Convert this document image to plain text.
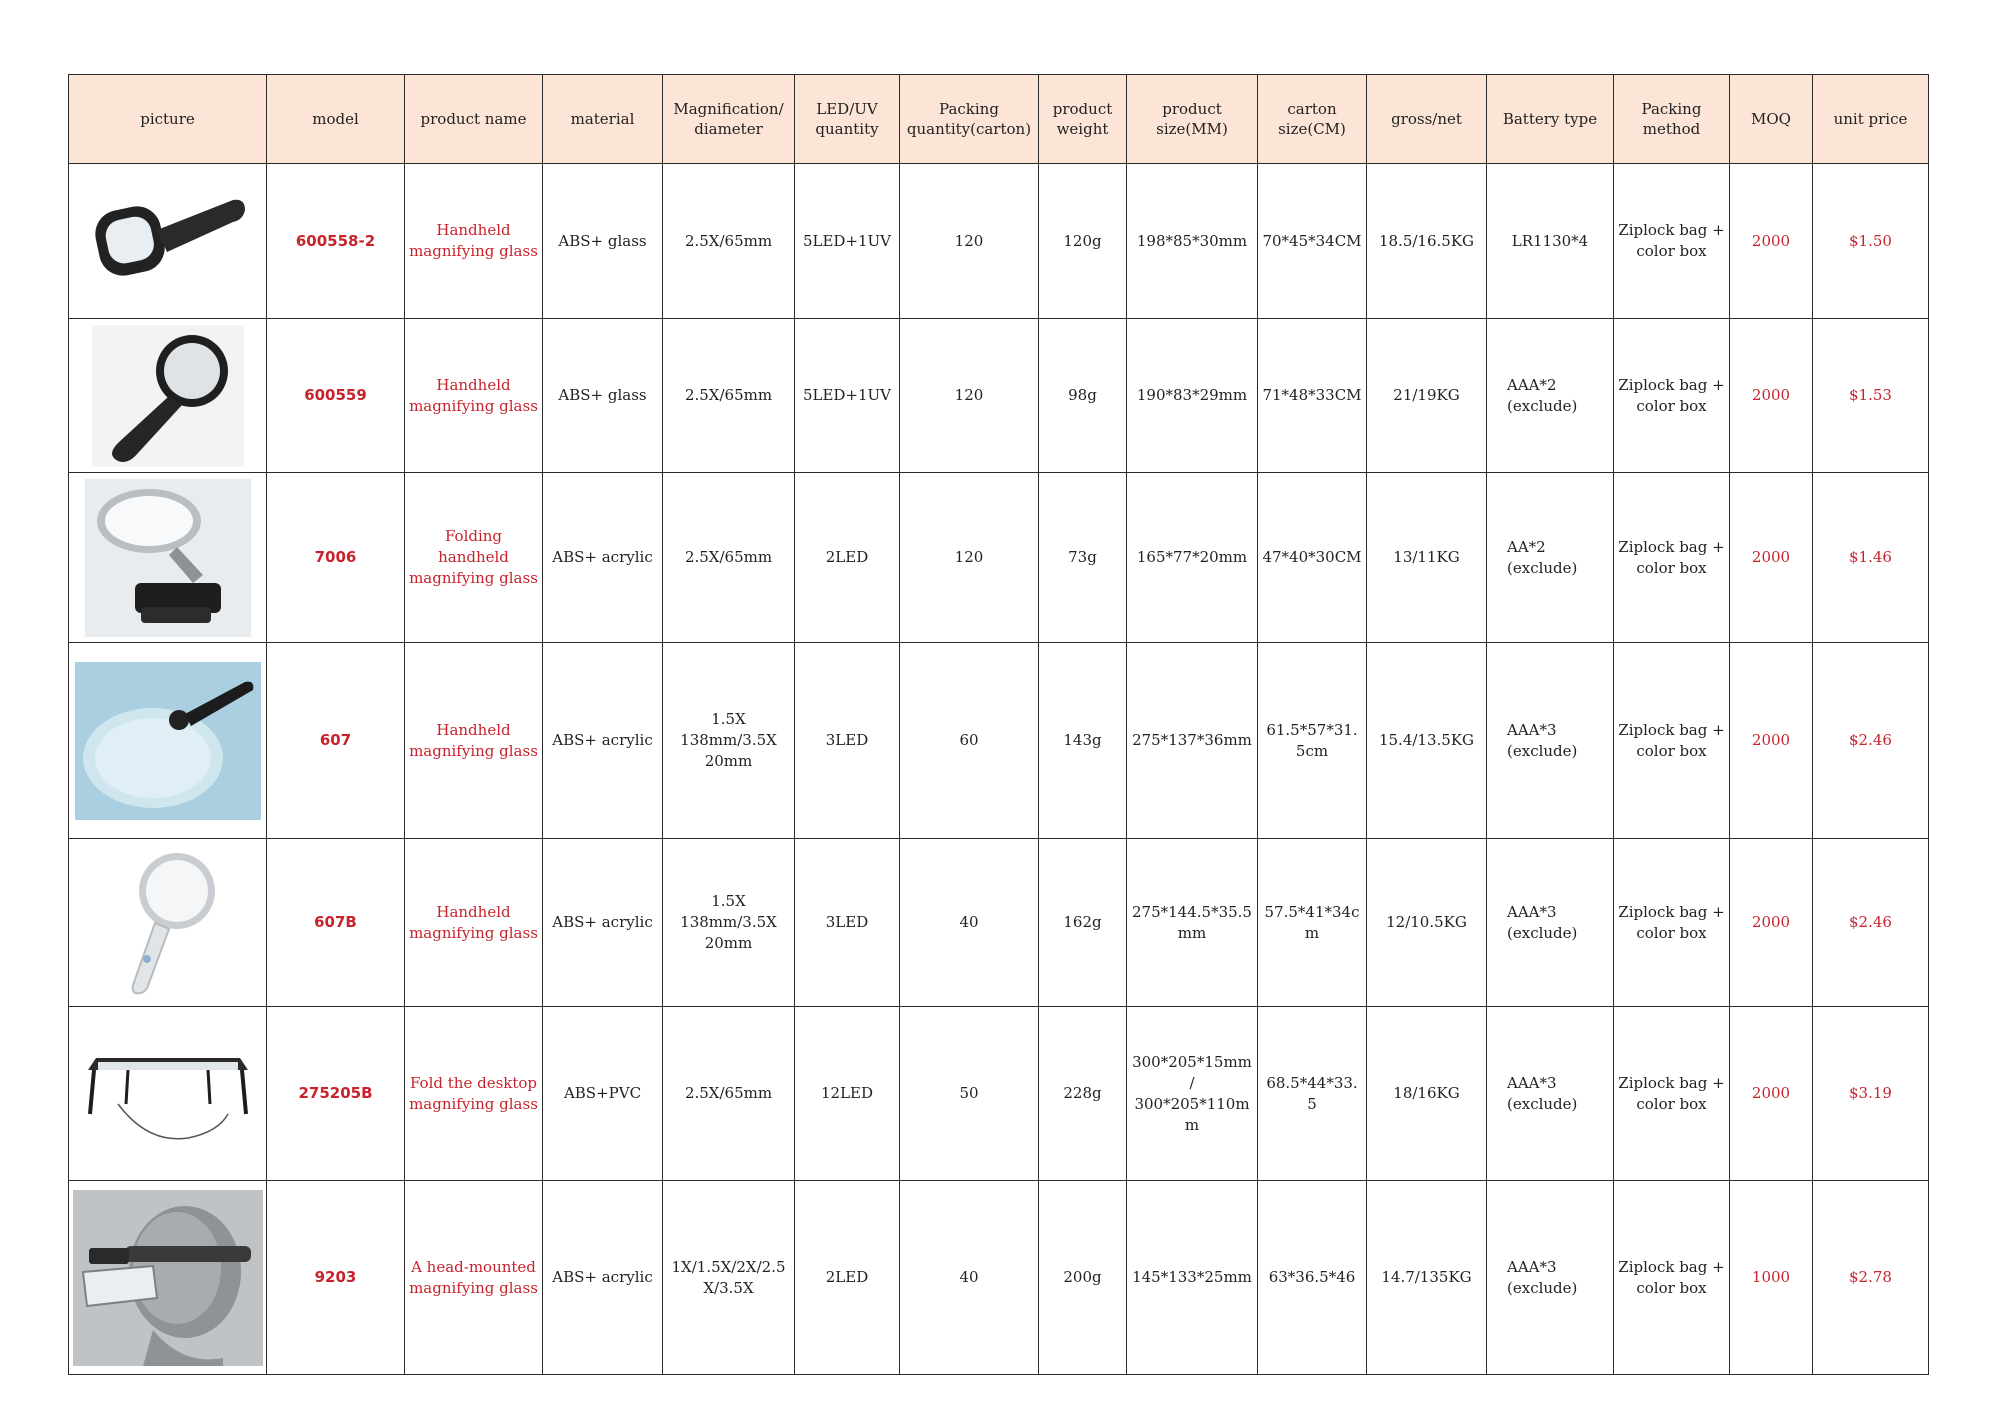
picture	model	product name	material	Magnification/ diameter	LED/UV quantity	Packing quantity(carton)	product weight	product size(MM)	carton size(CM)	gross/net	Battery type	Packing method	MOQ	unit price

	600558-2	Handheld magnifying glass	ABS+ glass	2.5X/65mm	5LED+1UV	120	120g	198*85*30mm	70*45*34CM	18.5/16.5KG	LR1130*4	Ziplock bag + color box	2000	$1.50

	600559	Handheld magnifying glass	ABS+ glass	2.5X/65mm	5LED+1UV	120	98g	190*83*29mm	71*48*33CM	21/19KG	AAA*2 (exclude)	Ziplock bag + color box	2000	$1.53

	7006	Folding handheld magnifying glass	ABS+ acrylic	2.5X/65mm	2LED	120	73g	165*77*20mm	47*40*30CM	13/11KG	AA*2 (exclude)	Ziplock bag + color box	2000	$1.46

	607	Handheld magnifying glass	ABS+ acrylic	1.5X 138mm/3.5X 20mm	3LED	60	143g	275*137*36mm	61.5*57*31.5cm	15.4/13.5KG	AAA*3 (exclude)	Ziplock bag + color box	2000	$2.46

	607B	Handheld magnifying glass	ABS+ acrylic	1.5X 138mm/3.5X 20mm	3LED	40	162g	275*144.5*35.5 mm	57.5*41*34cm	12/10.5KG	AAA*3 (exclude)	Ziplock bag + color box	2000	$2.46

	275205B	Fold the desktop magnifying glass	ABS+PVC	2.5X/65mm	12LED	50	228g	300*205*15mm/ 300*205*110mm	68.5*44*33.5	18/16KG	AAA*3 (exclude)	Ziplock bag + color box	2000	$3.19

	9203	A head-mounted magnifying glass	ABS+ acrylic	1X/1.5X/2X/2.5 X/3.5X	2LED	40	200g	145*133*25mm	63*36.5*46	14.7/135KG	AAA*3 (exclude)	Ziplock bag + color box	1000	$2.78
